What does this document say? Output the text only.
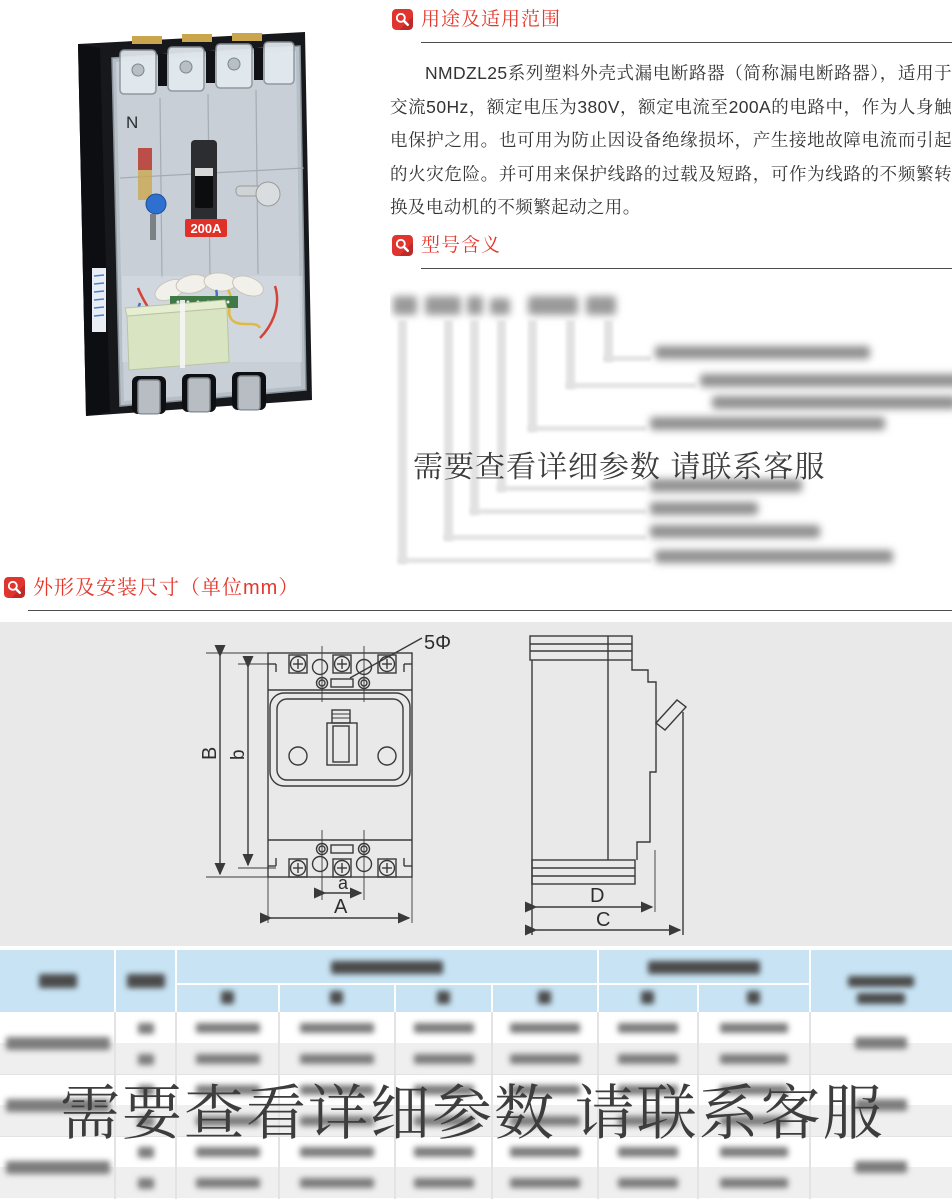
N
200A
用途及适用范围

NMDZL25系列塑料外壳式漏电断路器（简称漏电断路器），适用于交流50Hz，额定电压为380V，额定电流至200A的电路中，作为人身触电保护之用。也可用为防止因设备绝缘损坏，产生接地故障电流而引起的火灾危险。并可用来保护线路的过载及短路，可作为线路的不频繁转换及电动机的不频繁起动之用。

型号含义
需要查看详细参数 请联系客服
外形及安装尺寸（单位mm）
5Φ
B b
a
A	D
C
需要查看详细参数 请联系客服
